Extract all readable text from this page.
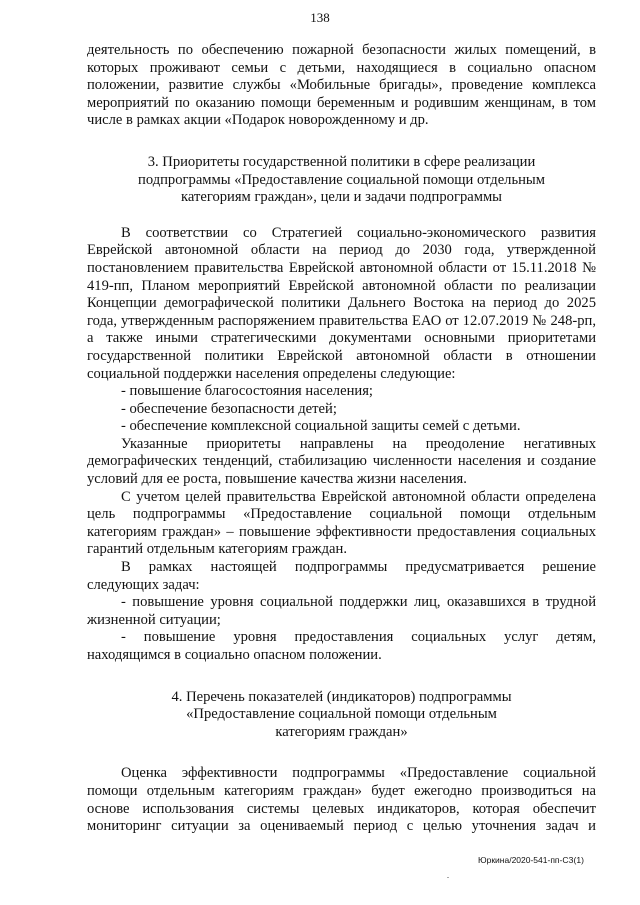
138

деятельность по обеспечению пожарной безопасности жилых помещений, в которых проживают семьи с детьми, находящиеся в социально опасном положении, развитие службы «Мобильные бригады», проведение комплекса мероприятий по оказанию помощи беременным и родившим женщинам, в том числе в рамках акции «Подарок новорожденному и др.

3. Приоритеты государственной политики в сфере реализации

подпрограммы «Предоставление социальной помощи отдельным

категориям граждан», цели и задачи подпрограммы

В соответствии со Стратегией социально-экономического развития Еврейской автономной области на период до 2030 года, утвержденной постановлением правительства Еврейской автономной области от 15.11.2018 № 419-пп, Планом мероприятий Еврейской автономной области по реализации Концепции демографической политики Дальнего Востока на период до 2025 года, утвержденным распоряжением правительства ЕАО от 12.07.2019 № 248-рп, а также иными стратегическими документами основными приоритетами государственной политики Еврейской автономной области в отношении социальной поддержки населения определены следующие:

- повышение благосостояния населения;

- обеспечение безопасности детей;

- обеспечение комплексной социальной защиты семей с детьми.

Указанные приоритеты направлены на преодоление негативных демографических тенденций, стабилизацию численности населения и создание условий для ее роста, повышение качества жизни населения.

С учетом целей правительства Еврейской автономной области определена цель подпрограммы «Предоставление социальной помощи отдельным категориям граждан» – повышение эффективности предоставления социальных гарантий отдельным категориям граждан.

В рамках настоящей подпрограммы предусматривается решение следующих задач:

- повышение уровня социальной поддержки лиц, оказавшихся в трудной жизненной ситуации;

- повышение уровня предоставления социальных услуг детям, находящимся в социально опасном положении.

4. Перечень показателей (индикаторов) подпрограммы

«Предоставление социальной помощи отдельным

категориям граждан»

Оценка эффективности подпрограммы «Предоставление социальной помощи отдельным категориям граждан» будет ежегодно производиться на основе использования системы целевых индикаторов, которая обеспечит мониторинг ситуации за оцениваемый период с целью уточнения задач и

Юркина/2020-541-пп-СЗ(1)
.
